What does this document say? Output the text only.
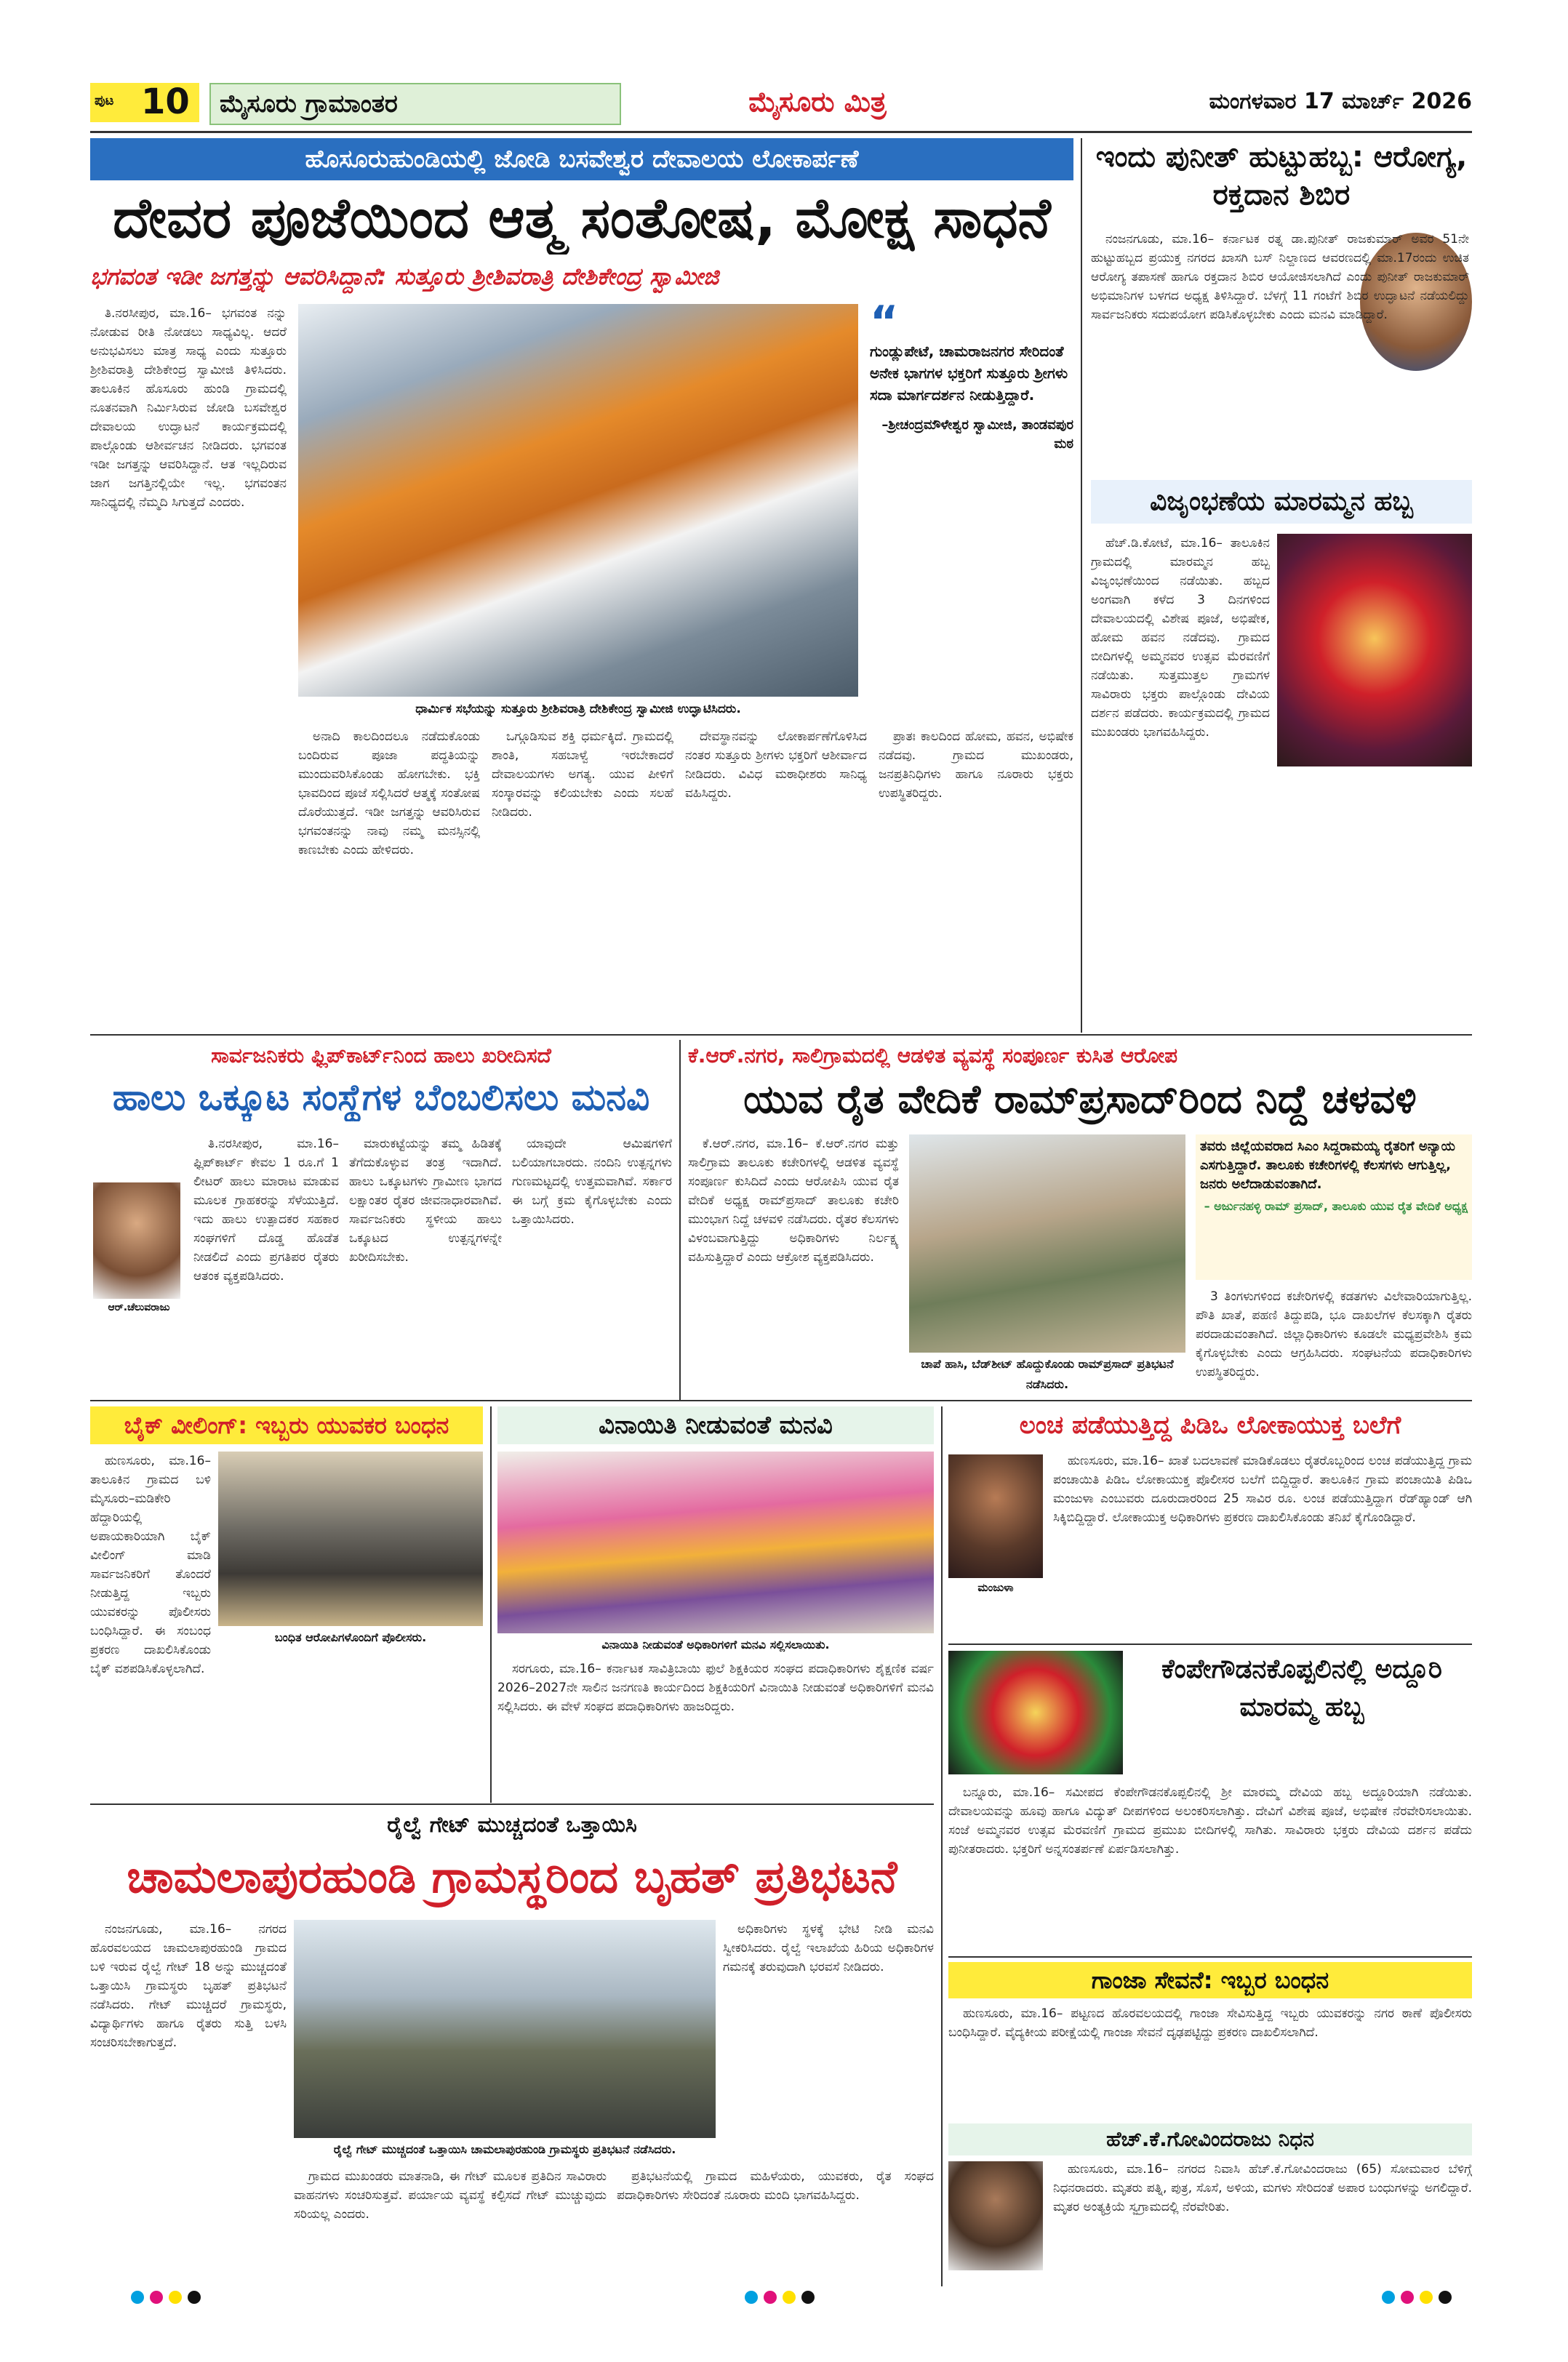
ಪುಟ 10	ಮೈಸೂರು ಗ್ರಾಮಾಂತರ	ಮೈಸೂರು ಮಿತ್ರ	ಮಂಗಳವಾರ 17 ಮಾರ್ಚ್ 2026
ಹೊಸೂರುಹುಂಡಿಯಲ್ಲಿ ಜೋಡಿ ಬಸವೇಶ್ವರ ದೇವಾಲಯ ಲೋಕಾರ್ಪಣೆ
ದೇವರ ಪೂಜೆಯಿಂದ ಆತ್ಮ ಸಂತೋಷ, ಮೋಕ್ಷ ಸಾಧನೆ
ಭಗವಂತ ಇಡೀ ಜಗತ್ತನ್ನು ಆವರಿಸಿದ್ದಾನೆ: ಸುತ್ತೂರು ಶ್ರೀಶಿವರಾತ್ರಿ ದೇಶಿಕೇಂದ್ರ ಸ್ವಾಮೀಜಿ

ತಿ.ನರಸೀಪುರ, ಮಾ.16– ಭಗವಂತ ನನ್ನು ನೋಡುವ ರೀತಿ ನೋಡಲು ಸಾಧ್ಯವಿಲ್ಲ. ಆದರೆ ಅನುಭವಿಸಲು ಮಾತ್ರ ಸಾಧ್ಯ ಎಂದು ಸುತ್ತೂರು ಶ್ರೀಶಿವರಾತ್ರಿ ದೇಶಿಕೇಂದ್ರ ಸ್ವಾಮೀಜಿ ತಿಳಿಸಿದರು. ತಾಲೂಕಿನ ಹೊಸೂರು ಹುಂಡಿ ಗ್ರಾಮದಲ್ಲಿ ನೂತನವಾಗಿ ನಿರ್ಮಿಸಿರುವ ಜೋಡಿ ಬಸವೇಶ್ವರ ದೇವಾಲಯ ಉದ್ಘಾಟನೆ ಕಾರ್ಯಕ್ರಮದಲ್ಲಿ ಪಾಲ್ಗೊಂಡು ಆಶೀರ್ವಚನ ನೀಡಿದರು. ಭಗವಂತ ಇಡೀ ಜಗತ್ತನ್ನು ಆವರಿಸಿದ್ದಾನೆ. ಆತ ಇಲ್ಲದಿರುವ ಜಾಗ ಜಗತ್ತಿನಲ್ಲಿಯೇ ಇಲ್ಲ. ಭಗವಂತನ ಸಾನಿಧ್ಯದಲ್ಲಿ ನೆಮ್ಮದಿ ಸಿಗುತ್ತದೆ ಎಂದರು.

ಧಾರ್ಮಿಕ ಸಭೆಯನ್ನು ಸುತ್ತೂರು ಶ್ರೀಶಿವರಾತ್ರಿ ದೇಶಿಕೇಂದ್ರ ಸ್ವಾಮೀಜಿ ಉದ್ಘಾಟಿಸಿದರು.
“
ಗುಂಡ್ಲುಪೇಟೆ, ಚಾಮರಾಜನಗರ ಸೇರಿದಂತೆ ಅನೇಕ ಭಾಗಗಳ ಭಕ್ತರಿಗೆ ಸುತ್ತೂರು ಶ್ರೀಗಳು ಸದಾ ಮಾರ್ಗದರ್ಶನ ನೀಡುತ್ತಿದ್ದಾರೆ.
–ಶ್ರೀಚಂದ್ರಮೌಳೇಶ್ವರ ಸ್ವಾಮೀಜಿ, ತಾಂಡವಪುರ ಮಠ

ಅನಾದಿ ಕಾಲದಿಂದಲೂ ನಡೆದುಕೊಂಡು ಬಂದಿರುವ ಪೂಜಾ ಪದ್ಧತಿಯನ್ನು ಮುಂದುವರಿಸಿಕೊಂಡು ಹೋಗಬೇಕು. ಭಕ್ತಿ ಭಾವದಿಂದ ಪೂಜೆ ಸಲ್ಲಿಸಿದರೆ ಆತ್ಮಕ್ಕೆ ಸಂತೋಷ ದೊರೆಯುತ್ತದೆ. ಇಡೀ ಜಗತ್ತನ್ನು ಆವರಿಸಿರುವ ಭಗವಂತನನ್ನು ನಾವು ನಮ್ಮ ಮನಸ್ಸಿನಲ್ಲಿ ಕಾಣಬೇಕು ಎಂದು ಹೇಳಿದರು.

ಒಗ್ಗೂಡಿಸುವ ಶಕ್ತಿ ಧರ್ಮಕ್ಕಿದೆ. ಗ್ರಾಮದಲ್ಲಿ ಶಾಂತಿ, ಸಹಬಾಳ್ವೆ ಇರಬೇಕಾದರೆ ದೇವಾಲಯಗಳು ಅಗತ್ಯ. ಯುವ ಪೀಳಿಗೆ ಸಂಸ್ಕಾರವನ್ನು ಕಲಿಯಬೇಕು ಎಂದು ಸಲಹೆ ನೀಡಿದರು.

ದೇವಸ್ಥಾನವನ್ನು ಲೋಕಾರ್ಪಣೆಗೊಳಿಸಿದ ನಂತರ ಸುತ್ತೂರು ಶ್ರೀಗಳು ಭಕ್ತರಿಗೆ ಆಶೀರ್ವಾದ ನೀಡಿದರು. ವಿವಿಧ ಮಠಾಧೀಶರು ಸಾನಿಧ್ಯ ವಹಿಸಿದ್ದರು.

ಪ್ರಾತಃ ಕಾಲದಿಂದ ಹೋಮ, ಹವನ, ಅಭಿಷೇಕ ನಡೆದವು. ಗ್ರಾಮದ ಮುಖಂಡರು, ಜನಪ್ರತಿನಿಧಿಗಳು ಹಾಗೂ ನೂರಾರು ಭಕ್ತರು ಉಪಸ್ಥಿತರಿದ್ದರು.

ಇಂದು ಪುನೀತ್ ಹುಟ್ಟುಹಬ್ಬ: ಆರೋಗ್ಯ, ರಕ್ತದಾನ ಶಿಬಿರ

ನಂಜನಗೂಡು, ಮಾ.16– ಕರ್ನಾಟಕ ರತ್ನ ಡಾ.ಪುನೀತ್ ರಾಜಕುಮಾರ್ ಅವರ 51ನೇ ಹುಟ್ಟುಹಬ್ಬದ ಪ್ರಯುಕ್ತ ನಗರದ ಖಾಸಗಿ ಬಸ್ ನಿಲ್ದಾಣದ ಆವರಣದಲ್ಲಿ ಮಾ.17ರಂದು ಉಚಿತ ಆರೋಗ್ಯ ತಪಾಸಣೆ ಹಾಗೂ ರಕ್ತದಾನ ಶಿಬಿರ ಆಯೋಜಿಸಲಾಗಿದೆ ಎಂದು ಪುನೀತ್ ರಾಜಕುಮಾರ್ ಅಭಿಮಾನಿಗಳ ಬಳಗದ ಅಧ್ಯಕ್ಷ ತಿಳಿಸಿದ್ದಾರೆ. ಬೆಳಗ್ಗೆ 11 ಗಂಟೆಗೆ ಶಿಬಿರ ಉದ್ಘಾಟನೆ ನಡೆಯಲಿದ್ದು ಸಾರ್ವಜನಿಕರು ಸದುಪಯೋಗ ಪಡಿಸಿಕೊಳ್ಳಬೇಕು ಎಂದು ಮನವಿ ಮಾಡಿದ್ದಾರೆ.

ವಿಜೃಂಭಣೆಯ ಮಾರಮ್ಮನ ಹಬ್ಬ

ಹೆಚ್.ಡಿ.ಕೋಟೆ, ಮಾ.16– ತಾಲೂಕಿನ ಗ್ರಾಮದಲ್ಲಿ ಮಾರಮ್ಮನ ಹಬ್ಬ ವಿಜೃಂಭಣೆಯಿಂದ ನಡೆಯಿತು. ಹಬ್ಬದ ಅಂಗವಾಗಿ ಕಳೆದ 3 ದಿನಗಳಿಂದ ದೇವಾಲಯದಲ್ಲಿ ವಿಶೇಷ ಪೂಜೆ, ಅಭಿಷೇಕ, ಹೋಮ ಹವನ ನಡೆದವು. ಗ್ರಾಮದ ಬೀದಿಗಳಲ್ಲಿ ಅಮ್ಮನವರ ಉತ್ಸವ ಮೆರವಣಿಗೆ ನಡೆಯಿತು. ಸುತ್ತಮುತ್ತಲ ಗ್ರಾಮಗಳ ಸಾವಿರಾರು ಭಕ್ತರು ಪಾಲ್ಗೊಂಡು ದೇವಿಯ ದರ್ಶನ ಪಡೆದರು. ಕಾರ್ಯಕ್ರಮದಲ್ಲಿ ಗ್ರಾಮದ ಮುಖಂಡರು ಭಾಗವಹಿಸಿದ್ದರು.

ಸಾರ್ವಜನಿಕರು ಫ್ಲಿಪ್‌ಕಾರ್ಟ್‌ನಿಂದ ಹಾಲು ಖರೀದಿಸದೆ
ಹಾಲು ಒಕ್ಕೂಟ ಸಂಸ್ಥೆಗಳ ಬೆಂಬಲಿಸಲು ಮನವಿ
ಆರ್.ಚೆಲುವರಾಜು

ತಿ.ನರಸೀಪುರ, ಮಾ.16– ಫ್ಲಿಪ್‌ಕಾರ್ಟ್ ಕೇವಲ 1 ರೂ.ಗೆ 1 ಲೀಟರ್ ಹಾಲು ಮಾರಾಟ ಮಾಡುವ ಮೂಲಕ ಗ್ರಾಹಕರನ್ನು ಸೆಳೆಯುತ್ತಿದೆ. ಇದು ಹಾಲು ಉತ್ಪಾದಕರ ಸಹಕಾರ ಸಂಘಗಳಿಗೆ ದೊಡ್ಡ ಹೊಡೆತ ನೀಡಲಿದೆ ಎಂದು ಪ್ರಗತಿಪರ ರೈತರು ಆತಂಕ ವ್ಯಕ್ತಪಡಿಸಿದರು.

ಮಾರುಕಟ್ಟೆಯನ್ನು ತಮ್ಮ ಹಿಡಿತಕ್ಕೆ ತೆಗೆದುಕೊಳ್ಳುವ ತಂತ್ರ ಇದಾಗಿದೆ. ಹಾಲು ಒಕ್ಕೂಟಗಳು ಗ್ರಾಮೀಣ ಭಾಗದ ಲಕ್ಷಾಂತರ ರೈತರ ಜೀವನಾಧಾರವಾಗಿವೆ. ಸಾರ್ವಜನಿಕರು ಸ್ಥಳೀಯ ಹಾಲು ಒಕ್ಕೂಟದ ಉತ್ಪನ್ನಗಳನ್ನೇ ಖರೀದಿಸಬೇಕು.

ಯಾವುದೇ ಆಮಿಷಗಳಿಗೆ ಬಲಿಯಾಗಬಾರದು. ನಂದಿನಿ ಉತ್ಪನ್ನಗಳು ಗುಣಮಟ್ಟದಲ್ಲಿ ಉತ್ತಮವಾಗಿವೆ. ಸರ್ಕಾರ ಈ ಬಗ್ಗೆ ಕ್ರಮ ಕೈಗೊಳ್ಳಬೇಕು ಎಂದು ಒತ್ತಾಯಿಸಿದರು.

ಕೆ.ಆರ್.ನಗರ, ಸಾಲಿಗ್ರಾಮದಲ್ಲಿ ಆಡಳಿತ ವ್ಯವಸ್ಥೆ ಸಂಪೂರ್ಣ ಕುಸಿತ ಆರೋಪ
ಯುವ ರೈತ ವೇದಿಕೆ ರಾಮ್‌ಪ್ರಸಾದ್‌ರಿಂದ ನಿದ್ದೆ ಚಳವಳಿ

ಕೆ.ಆರ್.ನಗರ, ಮಾ.16– ಕೆ.ಆರ್.ನಗರ ಮತ್ತು ಸಾಲಿಗ್ರಾಮ ತಾಲೂಕು ಕಚೇರಿಗಳಲ್ಲಿ ಆಡಳಿತ ವ್ಯವಸ್ಥೆ ಸಂಪೂರ್ಣ ಕುಸಿದಿದೆ ಎಂದು ಆರೋಪಿಸಿ ಯುವ ರೈತ ವೇದಿಕೆ ಅಧ್ಯಕ್ಷ ರಾಮ್‌ಪ್ರಸಾದ್ ತಾಲೂಕು ಕಚೇರಿ ಮುಂಭಾಗ ನಿದ್ದೆ ಚಳವಳಿ ನಡೆಸಿದರು. ರೈತರ ಕೆಲಸಗಳು ವಿಳಂಬವಾಗುತ್ತಿದ್ದು ಅಧಿಕಾರಿಗಳು ನಿರ್ಲಕ್ಷ್ಯ ವಹಿಸುತ್ತಿದ್ದಾರೆ ಎಂದು ಆಕ್ರೋಶ ವ್ಯಕ್ತಪಡಿಸಿದರು.

ಚಾಪೆ ಹಾಸಿ, ಬೆಡ್‌ಶೀಟ್ ಹೊದ್ದುಕೊಂಡು ರಾಮ್‌ಪ್ರಸಾದ್ ಪ್ರತಿಭಟನೆ ನಡೆಸಿದರು.
ತವರು ಜಿಲ್ಲೆಯವರಾದ ಸಿಎಂ ಸಿದ್ದರಾಮಯ್ಯ ರೈತರಿಗೆ ಅನ್ಯಾಯ ಎಸಗುತ್ತಿದ್ದಾರೆ. ತಾಲೂಕು ಕಚೇರಿಗಳಲ್ಲಿ ಕೆಲಸಗಳು ಆಗುತ್ತಿಲ್ಲ, ಜನರು ಅಲೆದಾಡುವಂತಾಗಿದೆ.
– ಅರ್ಜುನಹಳ್ಳಿ ರಾಮ್ ಪ್ರಸಾದ್, ತಾಲೂಕು ಯುವ ರೈತ ವೇದಿಕೆ ಅಧ್ಯಕ್ಷ

3 ತಿಂಗಳುಗಳಿಂದ ಕಚೇರಿಗಳಲ್ಲಿ ಕಡತಗಳು ವಿಲೇವಾರಿಯಾಗುತ್ತಿಲ್ಲ. ಪೌತಿ ಖಾತೆ, ಪಹಣಿ ತಿದ್ದುಪಡಿ, ಭೂ ದಾಖಲೆಗಳ ಕೆಲಸಕ್ಕಾಗಿ ರೈತರು ಪರದಾಡುವಂತಾಗಿದೆ. ಜಿಲ್ಲಾಧಿಕಾರಿಗಳು ಕೂಡಲೇ ಮಧ್ಯಪ್ರವೇಶಿಸಿ ಕ್ರಮ ಕೈಗೊಳ್ಳಬೇಕು ಎಂದು ಆಗ್ರಹಿಸಿದರು. ಸಂಘಟನೆಯ ಪದಾಧಿಕಾರಿಗಳು ಉಪಸ್ಥಿತರಿದ್ದರು.

ಬೈಕ್ ವೀಲಿಂಗ್: ಇಬ್ಬರು ಯುವಕರ ಬಂಧನ
ಬಂಧಿತ ಆರೋಪಿಗಳೊಂದಿಗೆ ಪೊಲೀಸರು.

ಹುಣಸೂರು, ಮಾ.16– ತಾಲೂಕಿನ ಗ್ರಾಮದ ಬಳಿ ಮೈಸೂರು–ಮಡಿಕೇರಿ ಹೆದ್ದಾರಿಯಲ್ಲಿ ಅಪಾಯಕಾರಿಯಾಗಿ ಬೈಕ್ ವೀಲಿಂಗ್ ಮಾಡಿ ಸಾರ್ವಜನಿಕರಿಗೆ ತೊಂದರೆ ನೀಡುತ್ತಿದ್ದ ಇಬ್ಬರು ಯುವಕರನ್ನು ಪೊಲೀಸರು ಬಂಧಿಸಿದ್ದಾರೆ. ಈ ಸಂಬಂಧ ಪ್ರಕರಣ ದಾಖಲಿಸಿಕೊಂಡು ಬೈಕ್ ವಶಪಡಿಸಿಕೊಳ್ಳಲಾಗಿದೆ.

ವಿನಾಯಿತಿ ನೀಡುವಂತೆ ಮನವಿ
ವಿನಾಯಿತಿ ನೀಡುವಂತೆ ಅಧಿಕಾರಿಗಳಿಗೆ ಮನವಿ ಸಲ್ಲಿಸಲಾಯಿತು.

ಸರಗೂರು, ಮಾ.16– ಕರ್ನಾಟಕ ಸಾವಿತ್ರಿಬಾಯಿ ಫುಲೆ ಶಿಕ್ಷಕಿಯರ ಸಂಘದ ಪದಾಧಿಕಾರಿಗಳು ಶೈಕ್ಷಣಿಕ ವರ್ಷ 2026–2027ನೇ ಸಾಲಿನ ಜನಗಣತಿ ಕಾರ್ಯದಿಂದ ಶಿಕ್ಷಕಿಯರಿಗೆ ವಿನಾಯಿತಿ ನೀಡುವಂತೆ ಅಧಿಕಾರಿಗಳಿಗೆ ಮನವಿ ಸಲ್ಲಿಸಿದರು. ಈ ವೇಳೆ ಸಂಘದ ಪದಾಧಿಕಾರಿಗಳು ಹಾಜರಿದ್ದರು.

ಲಂಚ ಪಡೆಯುತ್ತಿದ್ದ ಪಿಡಿಒ ಲೋಕಾಯುಕ್ತ ಬಲೆಗೆ
ಮಂಜುಳಾ

ಹುಣಸೂರು, ಮಾ.16– ಖಾತೆ ಬದಲಾವಣೆ ಮಾಡಿಕೊಡಲು ರೈತರೊಬ್ಬರಿಂದ ಲಂಚ ಪಡೆಯುತ್ತಿದ್ದ ಗ್ರಾಮ ಪಂಚಾಯಿತಿ ಪಿಡಿಒ ಲೋಕಾಯುಕ್ತ ಪೊಲೀಸರ ಬಲೆಗೆ ಬಿದ್ದಿದ್ದಾರೆ. ತಾಲೂಕಿನ ಗ್ರಾಮ ಪಂಚಾಯಿತಿ ಪಿಡಿಒ ಮಂಜುಳಾ ಎಂಬುವರು ದೂರುದಾರರಿಂದ 25 ಸಾವಿರ ರೂ. ಲಂಚ ಪಡೆಯುತ್ತಿದ್ದಾಗ ರೆಡ್‌ಹ್ಯಾಂಡ್ ಆಗಿ ಸಿಕ್ಕಿಬಿದ್ದಿದ್ದಾರೆ. ಲೋಕಾಯುಕ್ತ ಅಧಿಕಾರಿಗಳು ಪ್ರಕರಣ ದಾಖಲಿಸಿಕೊಂಡು ತನಿಖೆ ಕೈಗೊಂಡಿದ್ದಾರೆ.

ಕೆಂಪೇಗೌಡನಕೊಪ್ಪಲಿನಲ್ಲಿ ಅದ್ದೂರಿ ಮಾರಮ್ಮ ಹಬ್ಬ

ಬನ್ನೂರು, ಮಾ.16– ಸಮೀಪದ ಕೆಂಪೇಗೌಡನಕೊಪ್ಪಲಿನಲ್ಲಿ ಶ್ರೀ ಮಾರಮ್ಮ ದೇವಿಯ ಹಬ್ಬ ಅದ್ದೂರಿಯಾಗಿ ನಡೆಯಿತು. ದೇವಾಲಯವನ್ನು ಹೂವು ಹಾಗೂ ವಿದ್ಯುತ್ ದೀಪಗಳಿಂದ ಅಲಂಕರಿಸಲಾಗಿತ್ತು. ದೇವಿಗೆ ವಿಶೇಷ ಪೂಜೆ, ಅಭಿಷೇಕ ನೆರವೇರಿಸಲಾಯಿತು. ಸಂಜೆ ಅಮ್ಮನವರ ಉತ್ಸವ ಮೆರವಣಿಗೆ ಗ್ರಾಮದ ಪ್ರಮುಖ ಬೀದಿಗಳಲ್ಲಿ ಸಾಗಿತು. ಸಾವಿರಾರು ಭಕ್ತರು ದೇವಿಯ ದರ್ಶನ ಪಡೆದು ಪುನೀತರಾದರು. ಭಕ್ತರಿಗೆ ಅನ್ನಸಂತರ್ಪಣೆ ಏರ್ಪಡಿಸಲಾಗಿತ್ತು.

ರೈಲ್ವೆ ಗೇಟ್ ಮುಚ್ಚದಂತೆ ಒತ್ತಾಯಿಸಿ
ಚಾಮಲಾಪುರಹುಂಡಿ ಗ್ರಾಮಸ್ಥರಿಂದ ಬೃಹತ್ ಪ್ರತಿಭಟನೆ

ನಂಜನಗೂಡು, ಮಾ.16– ನಗರದ ಹೊರವಲಯದ ಚಾಮಲಾಪುರಹುಂಡಿ ಗ್ರಾಮದ ಬಳಿ ಇರುವ ರೈಲ್ವೆ ಗೇಟ್ 18 ಅನ್ನು ಮುಚ್ಚದಂತೆ ಒತ್ತಾಯಿಸಿ ಗ್ರಾಮಸ್ಥರು ಬೃಹತ್ ಪ್ರತಿಭಟನೆ ನಡೆಸಿದರು. ಗೇಟ್ ಮುಚ್ಚಿದರೆ ಗ್ರಾಮಸ್ಥರು, ವಿದ್ಯಾರ್ಥಿಗಳು ಹಾಗೂ ರೈತರು ಸುತ್ತಿ ಬಳಸಿ ಸಂಚರಿಸಬೇಕಾಗುತ್ತದೆ.

ರೈಲ್ವೆ ಗೇಟ್ ಮುಚ್ಚದಂತೆ ಒತ್ತಾಯಿಸಿ ಚಾಮಲಾಪುರಹುಂಡಿ ಗ್ರಾಮಸ್ಥರು ಪ್ರತಿಭಟನೆ ನಡೆಸಿದರು.

ಅಧಿಕಾರಿಗಳು ಸ್ಥಳಕ್ಕೆ ಭೇಟಿ ನೀಡಿ ಮನವಿ ಸ್ವೀಕರಿಸಿದರು. ರೈಲ್ವೆ ಇಲಾಖೆಯ ಹಿರಿಯ ಅಧಿಕಾರಿಗಳ ಗಮನಕ್ಕೆ ತರುವುದಾಗಿ ಭರವಸೆ ನೀಡಿದರು.

ಗ್ರಾಮದ ಮುಖಂಡರು ಮಾತನಾಡಿ, ಈ ಗೇಟ್ ಮೂಲಕ ಪ್ರತಿದಿನ ಸಾವಿರಾರು ವಾಹನಗಳು ಸಂಚರಿಸುತ್ತವೆ. ಪರ್ಯಾಯ ವ್ಯವಸ್ಥೆ ಕಲ್ಪಿಸದೆ ಗೇಟ್ ಮುಚ್ಚುವುದು ಸರಿಯಲ್ಲ ಎಂದರು.

ಪ್ರತಿಭಟನೆಯಲ್ಲಿ ಗ್ರಾಮದ ಮಹಿಳೆಯರು, ಯುವಕರು, ರೈತ ಸಂಘದ ಪದಾಧಿಕಾರಿಗಳು ಸೇರಿದಂತೆ ನೂರಾರು ಮಂದಿ ಭಾಗವಹಿಸಿದ್ದರು.

ಗಾಂಜಾ ಸೇವನೆ: ಇಬ್ಬರ ಬಂಧನ

ಹುಣಸೂರು, ಮಾ.16– ಪಟ್ಟಣದ ಹೊರವಲಯದಲ್ಲಿ ಗಾಂಜಾ ಸೇವಿಸುತ್ತಿದ್ದ ಇಬ್ಬರು ಯುವಕರನ್ನು ನಗರ ಠಾಣೆ ಪೊಲೀಸರು ಬಂಧಿಸಿದ್ದಾರೆ. ವೈದ್ಯಕೀಯ ಪರೀಕ್ಷೆಯಲ್ಲಿ ಗಾಂಜಾ ಸೇವನೆ ದೃಢಪಟ್ಟಿದ್ದು ಪ್ರಕರಣ ದಾಖಲಿಸಲಾಗಿದೆ.

ಹೆಚ್.ಕೆ.ಗೋವಿಂದರಾಜು ನಿಧನ

ಹುಣಸೂರು, ಮಾ.16– ನಗರದ ನಿವಾಸಿ ಹೆಚ್.ಕೆ.ಗೋವಿಂದರಾಜು (65) ಸೋಮವಾರ ಬೆಳಿಗ್ಗೆ ನಿಧನರಾದರು. ಮೃತರು ಪತ್ನಿ, ಪುತ್ರ, ಸೊಸೆ, ಅಳಿಯ, ಮಗಳು ಸೇರಿದಂತೆ ಅಪಾರ ಬಂಧುಗಳನ್ನು ಅಗಲಿದ್ದಾರೆ. ಮೃತರ ಅಂತ್ಯಕ್ರಿಯೆ ಸ್ವಗ್ರಾಮದಲ್ಲಿ ನೆರವೇರಿತು.
